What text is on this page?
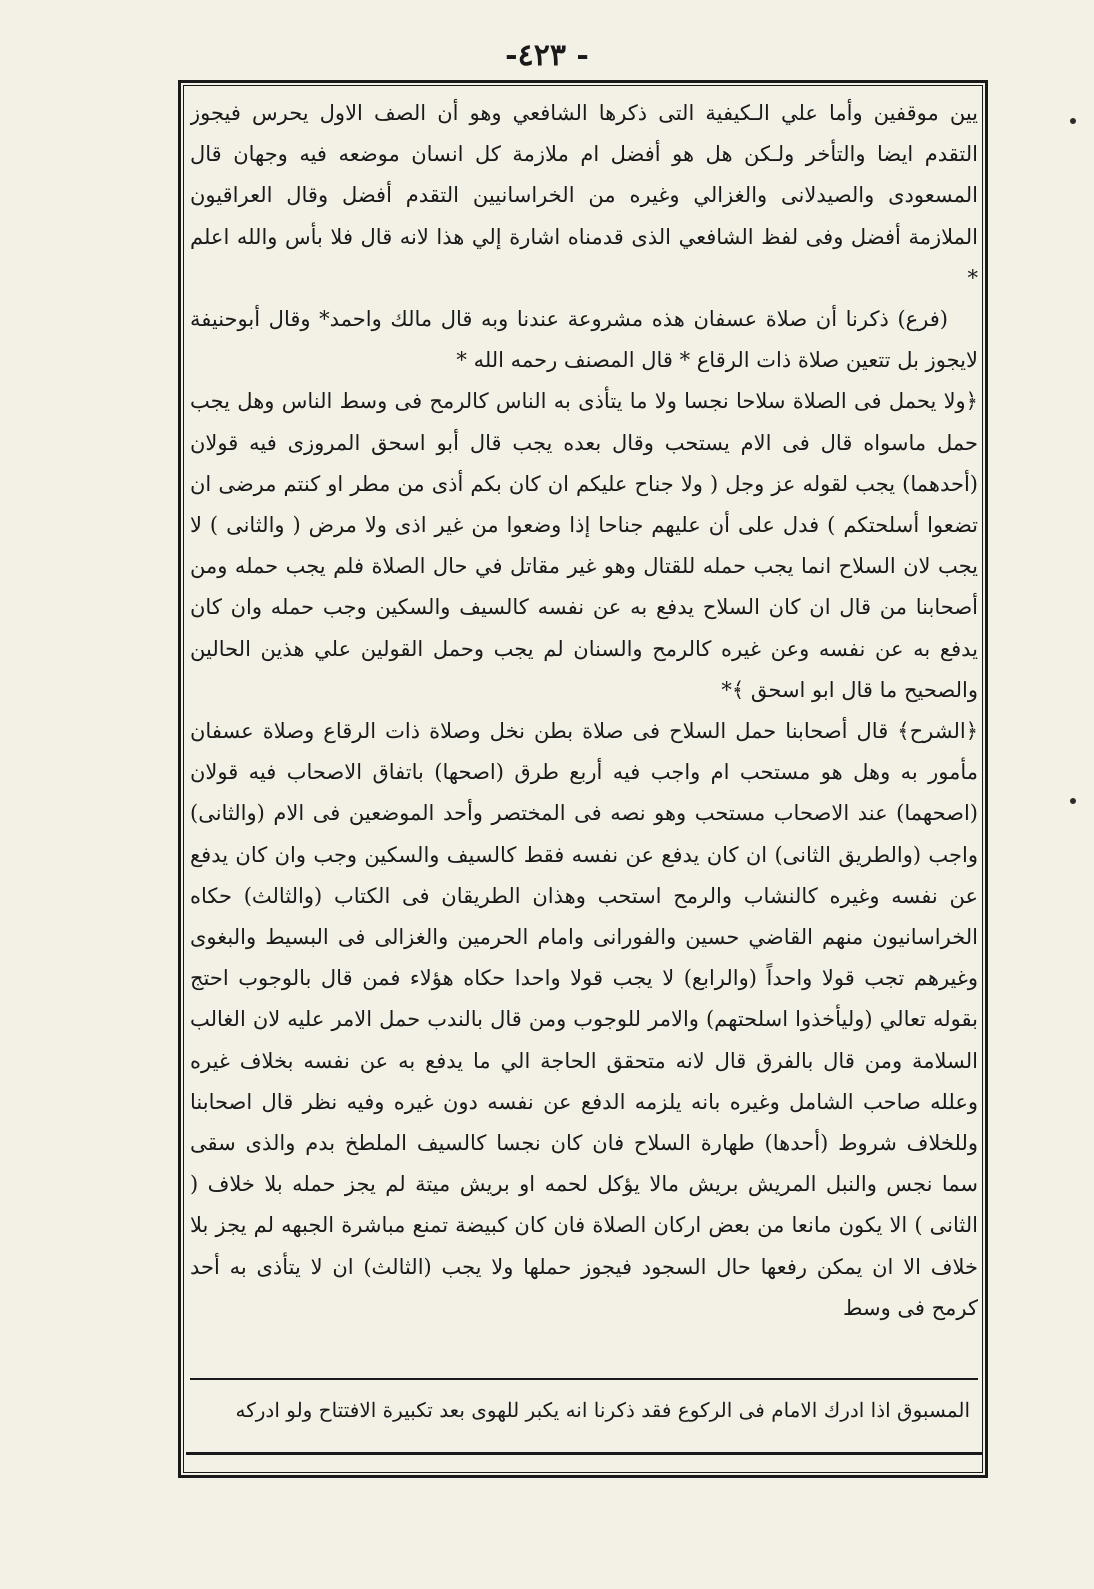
- ٤٢٣-

يين موقفين وأما علي الـكيفية التى ذكرها الشافعي وهو أن الصف الاول يحرس فيجوز التقدم ايضا والتأخر ولـكن هل هو أفضل ام ملازمة كل انسان موضعه فيه وجهان قال المسعودى والصيدلانى والغزالي وغيره من الخراسانيين التقدم أفضل وقال العراقيون الملازمة أفضل وفى لفظ الشافعي الذى قدمناه اشارة إلي هذا لانه قال فلا بأس والله اعلم *

(فرع) ذكرنا أن صلاة عسفان هذه مشروعة عندنا وبه قال مالك واحمد* وقال أبوحنيفة لايجوز بل تتعين صلاة ذات الرقاع * قال المصنف رحمه الله *

﴿ولا يحمل فى الصلاة سلاحا نجسا ولا ما يتأذى به الناس كالرمح فى وسط الناس وهل يجب حمل ماسواه قال فى الام يستحب وقال بعده يجب قال أبو اسحق المروزى فيه قولان (أحدهما) يجب لقوله عز وجل ( ولا جناح عليكم ان كان بكم أذى من مطر او كنتم مرضى ان تضعوا أسلحتكم ) فدل على أن عليهم جناحا إذا وضعوا من غير اذى ولا مرض ( والثانى ) لا يجب لان السلاح انما يجب حمله للقتال وهو غير مقاتل في حال الصلاة فلم يجب حمله ومن أصحابنا من قال ان كان السلاح يدفع به عن نفسه كالسيف والسكين وجب حمله وان كان يدفع به عن نفسه وعن غيره كالرمح والسنان لم يجب وحمل القولين علي هذين الحالين والصحيح ما قال ابو اسحق ﴾*

﴿الشرح﴾ قال أصحابنا حمل السلاح فى صلاة بطن نخل وصلاة ذات الرقاع وصلاة عسفان مأمور به وهل هو مستحب ام واجب فيه أربع طرق (اصحها) باتفاق الاصحاب فيه قولان (اصحهما) عند الاصحاب مستحب وهو نصه فى المختصر وأحد الموضعين فى الام (والثانى) واجب (والطريق الثانى) ان كان يدفع عن نفسه فقط كالسيف والسكين وجب وان كان يدفع عن نفسه وغيره كالنشاب والرمح استحب وهذان الطريقان فى الكتاب (والثالث) حكاه الخراسانيون منهم القاضي حسين والفورانى وامام الحرمين والغزالى فى البسيط والبغوى وغيرهم تجب قولا واحداً (والرابع) لا يجب قولا واحدا حكاه هؤلاء فمن قال بالوجوب احتج بقوله تعالي (وليأخذوا اسلحتهم) والامر للوجوب ومن قال بالندب حمل الامر عليه لان الغالب السلامة ومن قال بالفرق قال لانه متحقق الحاجة الي ما يدفع به عن نفسه بخلاف غيره وعلله صاحب الشامل وغيره بانه يلزمه الدفع عن نفسه دون غيره وفيه نظر قال اصحابنا وللخلاف شروط (أحدها) طهارة السلاح فان كان نجسا كالسيف الملطخ بدم والذى سقى سما نجس والنبل المريش بريش مالا يؤكل لحمه او بريش ميتة لم يجز حمله بلا خلاف ( الثانى ) الا يكون مانعا من بعض اركان الصلاة فان كان كبيضة تمنع مباشرة الجبهه لم يجز بلا خلاف الا ان يمكن رفعها حال السجود فيجوز حملها ولا يجب (الثالث) ان لا يتأذى به أحد كرمح فى وسط

المسبوق اذا ادرك الامام فى الركوع فقد ذكرنا انه يكبر للهوى بعد تكبيرة الافتتاح ولو ادركه
